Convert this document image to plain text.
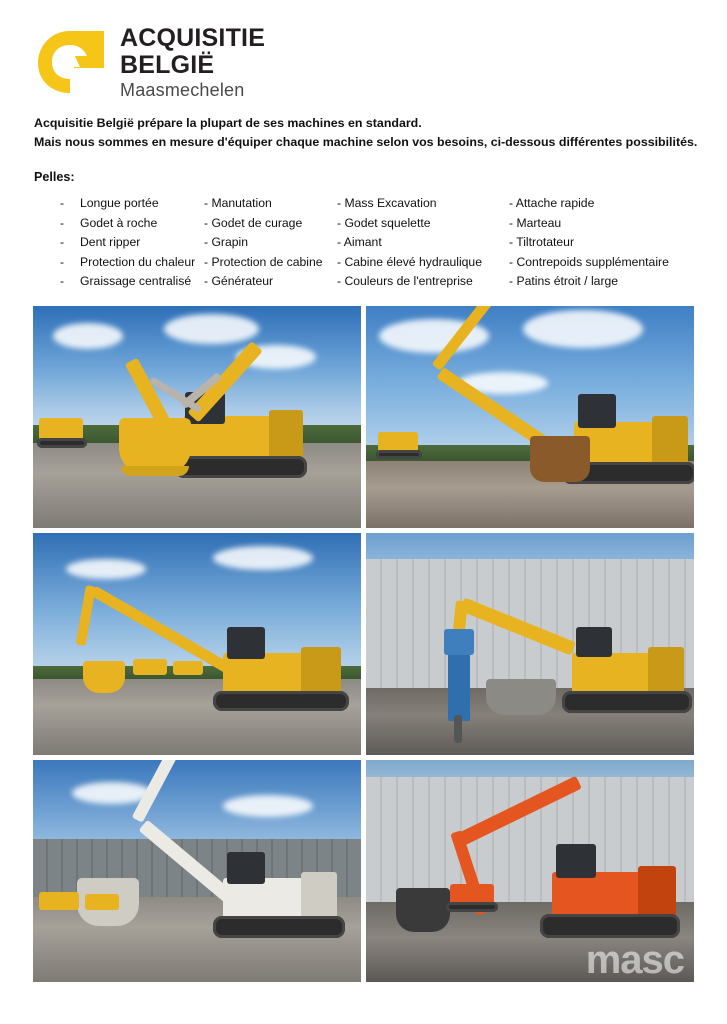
ACQUISITIE
BELGIË
Maasmechelen
Acquisitie België prépare la plupart de ses machines en standard.
Mais nous sommes en mesure d'équiper chaque machine selon vos besoins, ci-dessous différentes possibilités.
Pelles:
-	Longue portée	- Manutation	- Mass Excavation	- Attache rapide
-	Godet à roche	- Godet de curage	- Godet squelette	- Marteau
-	Dent ripper	- Grapin	- Aimant	- Tiltrotateur
-	Protection du chaleur - Protection de cabine - Cabine élevé hydraulique - Contrepoids supplémentaire
-	Graissage centralisé - Générateur	- Couleurs de l'entreprise	- Patins étroit / large
masc
